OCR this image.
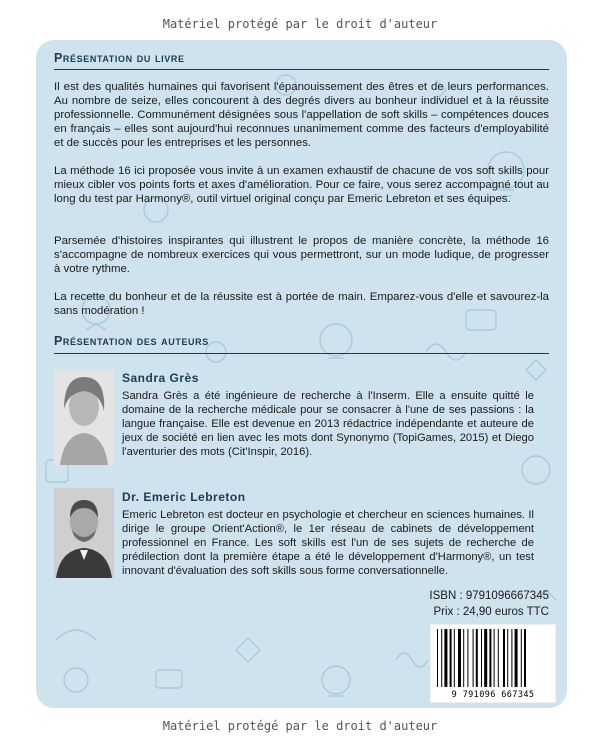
Matériel protégé par le droit d'auteur
Présentation du livre

Il est des qualités humaines qui favorisent l'épanouissement des êtres et de leurs performances. Au nombre de seize, elles concourent à des degrés divers au bonheur individuel et à la réussite professionnelle. Communément désignées sous l'appellation de soft skills – compétences douces en français – elles sont aujourd'hui reconnues unanimement comme des facteurs d'employabilité et de succès pour les entreprises et les personnes.

La méthode 16 ici proposée vous invite à un examen exhaustif de chacune de vos soft skills pour mieux cibler vos points forts et axes d'amélioration. Pour ce faire, vous serez accompagné tout au long du test par Harmony®, outil virtuel original conçu par Emeric Lebreton et ses équipes.

Parsemée d'histoires inspirantes qui illustrent le propos de manière concrète, la méthode 16 s'accompagne de nombreux exercices qui vous permettront, sur un mode ludique, de progresser à votre rythme.

La recette du bonheur et de la réussite est à portée de main. Emparez-vous d'elle et savourez-la sans modération !

Présentation des auteurs
Sandra Grès

Sandra Grès a été ingénieure de recherche à l'Inserm. Elle a ensuite quitté le domaine de la recherche médicale pour se consacrer à l'une de ses passions : la langue française. Elle est devenue en 2013 rédactrice indépendante et auteure de jeux de société en lien avec les mots dont Synonymo (TopiGames, 2015) et Diego l'aventurier des mots (Cit'Inspir, 2016).

Dr. Emeric Lebreton

Emeric Lebreton est docteur en psychologie et chercheur en sciences humaines. Il dirige le groupe Orient'Action®, le 1er réseau de cabinets de développement professionnel en France. Les soft skills est l'un de ses sujets de recherche de prédilection dont la première étape a été le développement d'Harmony®, un test innovant d'évaluation des soft skills sous forme conversationnelle.

ISBN : 9791096667345
Prix : 24,90 euros TTC
9 791096 667345
Matériel protégé par le droit d'auteur
